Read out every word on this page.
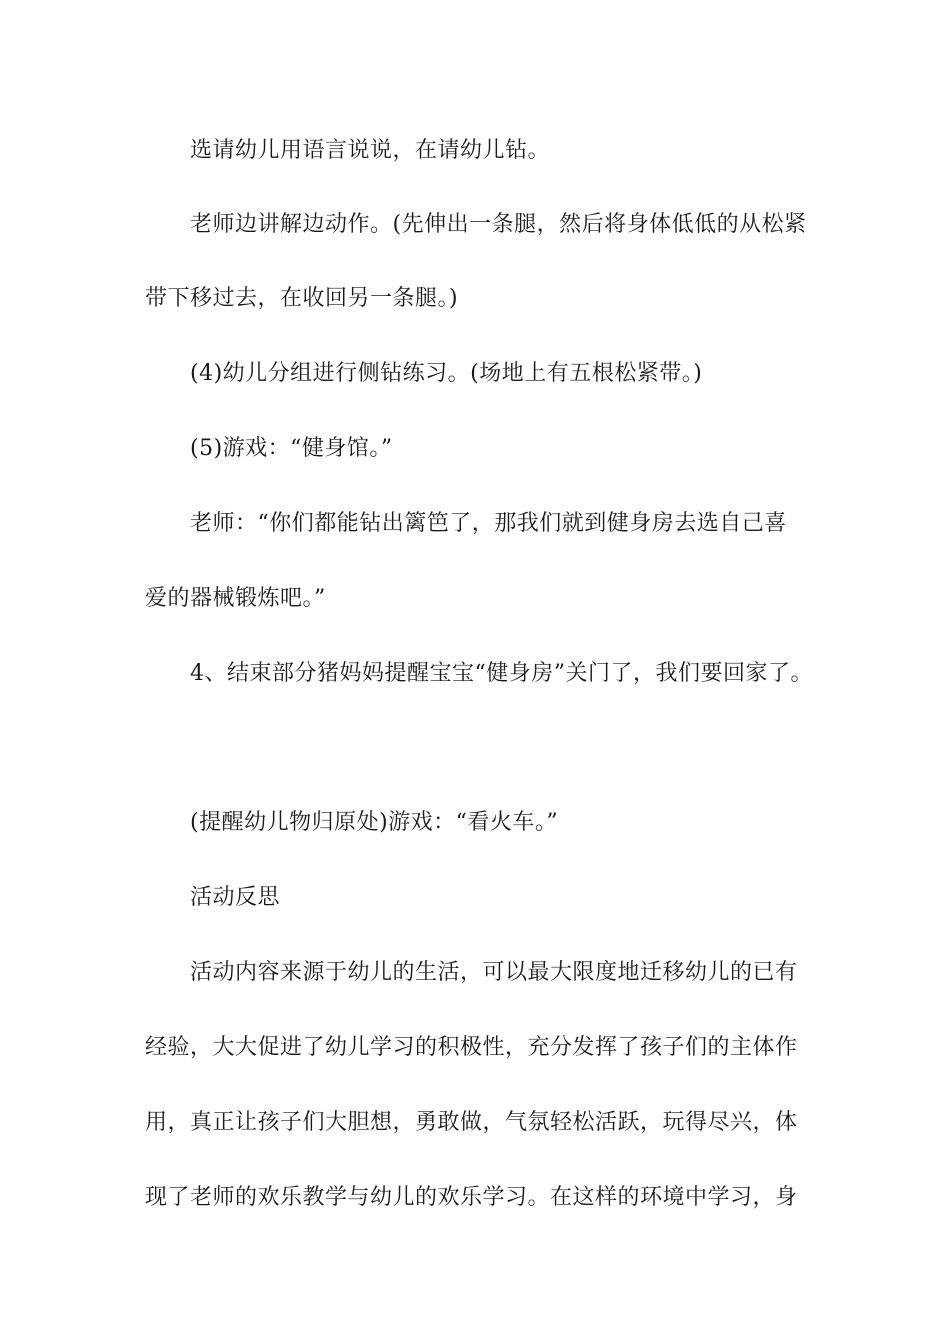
选请幼儿用语言说说，在请幼儿钻。
老师边讲解边动作。(先伸出一条腿，然后将身体低低的从松紧
带下移过去，在收回另一条腿。)
(4)幼儿分组进行侧钻练习。(场地上有五根松紧带。)
(5)游戏：“健身馆。”
老师：“你们都能钻出篱笆了，那我们就到健身房去选自己喜
爱的器械锻炼吧。”
4、结束部分猪妈妈提醒宝宝“健身房”关门了，我们要回家了。
(提醒幼儿物归原处)游戏：“看火车。”
活动反思
活动内容来源于幼儿的生活，可以最大限度地迁移幼儿的已有
经验，大大促进了幼儿学习的积极性，充分发挥了孩子们的主体作
用，真正让孩子们大胆想，勇敢做，气氛轻松活跃，玩得尽兴，体
现了老师的欢乐教学与幼儿的欢乐学习。在这样的环境中学习，身
